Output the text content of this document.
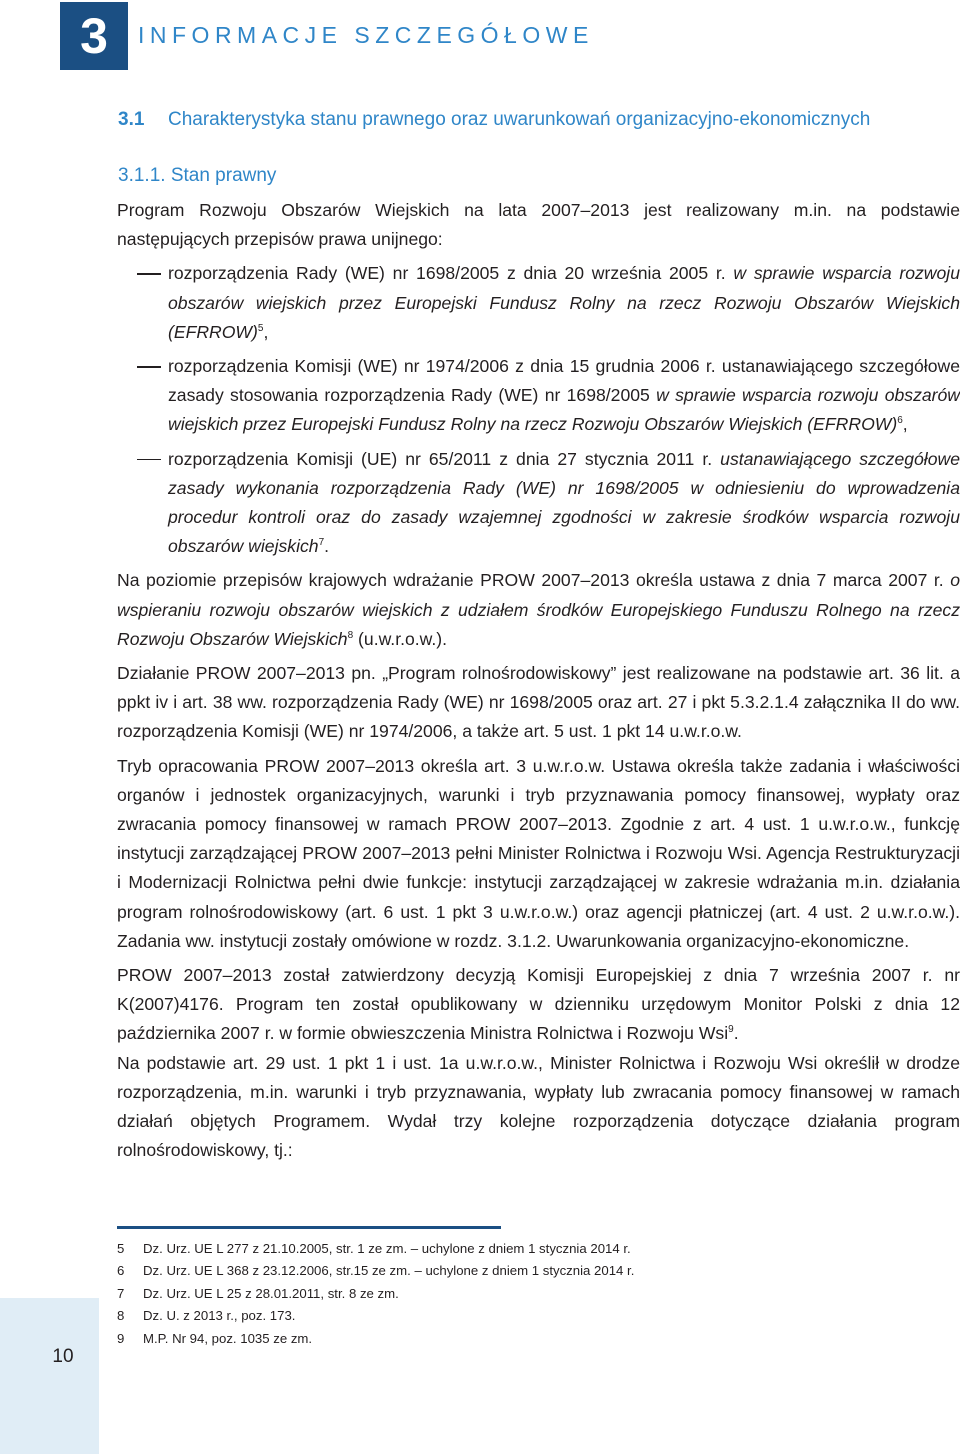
3	INFORMACJE SZCZEGÓŁOWE
3.1 Charakterystyka stanu prawnego oraz uwarunkowań organizacyjno-ekonomicznych
3.1.1. Stan prawny

Program Rozwoju Obszarów Wiejskich na lata 2007–2013 jest realizowany m.in. na podstawie następujących przepisów prawa unijnego:

rozporządzenia Rady (WE) nr 1698/2005 z dnia 20 września 2005 r. w sprawie wsparcia rozwoju obszarów wiejskich przez Europejski Fundusz Rolny na rzecz Rozwoju Obszarów Wiejskich (EFRROW)$^5$,
rozporządzenia Komisji (WE) nr 1974/2006 z dnia 15 grudnia 2006 r. ustanawiającego szczegółowe zasady stosowania rozporządzenia Rady (WE) nr 1698/2005 w sprawie wsparcia rozwoju obszarów wiejskich przez Europejski Fundusz Rolny na rzecz Rozwoju Obszarów Wiejskich (EFRROW)$^6$,
rozporządzenia Komisji (UE) nr 65/2011 z dnia 27 stycznia 2011 r. ustanawiającego szczegółowe zasady wykonania rozporządzenia Rady (WE) nr 1698/2005 w odniesieniu do wprowadzenia procedur kontroli oraz do zasady wzajemnej zgodności w zakresie środków wsparcia rozwoju obszarów wiejskich$^7$.

Na poziomie przepisów krajowych wdrażanie PROW 2007–2013 określa ustawa z dnia 7 marca 2007 r. o wspieraniu rozwoju obszarów wiejskich z udziałem środków Europejskiego Funduszu Rolnego na rzecz Rozwoju Obszarów Wiejskich$^8$ (u.w.r.o.w.).

Działanie PROW 2007–2013 pn. „Program rolnośrodowiskowy” jest realizowane na podstawie art. 36 lit. a ppkt iv i art. 38 ww. rozporządzenia Rady (WE) nr 1698/2005 oraz art. 27 i pkt 5.3.2.1.4 załącznika II do ww. rozporządzenia Komisji (WE) nr 1974/2006, a także art. 5 ust. 1 pkt 14 u.w.r.o.w.

Tryb opracowania PROW 2007–2013 określa art. 3 u.w.r.o.w. Ustawa określa także zadania i właściwości organów i jednostek organizacyjnych, warunki i tryb przyznawania pomocy finansowej, wypłaty oraz zwracania pomocy finansowej w ramach PROW 2007–2013. Zgodnie z art. 4 ust. 1 u.w.r.o.w., funkcję instytucji zarządzającej PROW 2007–2013 pełni Minister Rolnictwa i Rozwoju Wsi. Agencja Restrukturyzacji i Modernizacji Rolnictwa pełni dwie funkcje: instytucji zarządzającej w zakresie wdrażania m.in. działania program rolnośrodowiskowy (art. 6 ust. 1 pkt 3 u.w.r.o.w.) oraz agencji płatniczej (art. 4 ust. 2 u.w.r.o.w.). Zadania ww. instytucji zostały omówione w rozdz. 3.1.2. Uwarunkowania organizacyjno-ekonomiczne.

PROW 2007–2013 został zatwierdzony decyzją Komisji Europejskiej z dnia 7 września 2007 r. nr K(2007)4176. Program ten został opublikowany w dzienniku urzędowym Monitor Polski z dnia 12 października 2007 r. w formie obwieszczenia Ministra Rolnictwa i Rozwoju Wsi$^9$.

Na podstawie art. 29 ust. 1 pkt 1 i ust. 1a u.w.r.o.w., Minister Rolnictwa i Rozwoju Wsi określił w drodze rozporządzenia, m.in. warunki i tryb przyznawania, wypłaty lub zwracania pomocy finansowej w ramach działań objętych Programem. Wydał trzy kolejne rozporządzenia dotyczące działania program rolnośrodowiskowy, tj.:

5	Dz. Urz. UE L 277 z 21.10.2005, str. 1 ze zm. – uchylone z dniem 1 stycznia 2014 r.
6	Dz. Urz. UE L 368 z 23.12.2006, str.15 ze zm. – uchylone z dniem 1 stycznia 2014 r.
7	Dz. Urz. UE L 25 z 28.01.2011, str. 8 ze zm.
8	Dz. U. z 2013 r., poz. 173.
9	M.P. Nr 94, poz. 1035 ze zm.
10
